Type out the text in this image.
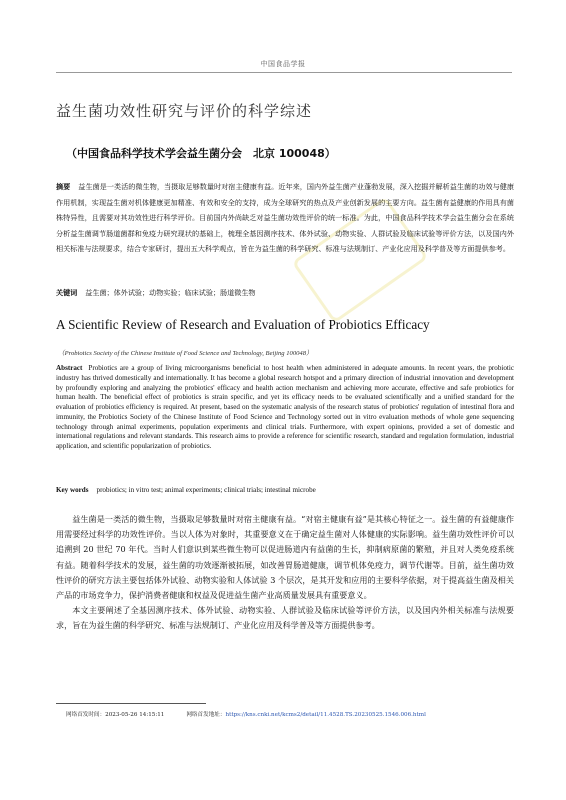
中国食品学报
益生菌功效性研究与评价的科学综述
（中国食品科学技术学会益生菌分会　北京 100048）
摘要 益生菌是一类活的微生物，当摄取足够数量时对宿主健康有益。近年来，国内外益生菌产业蓬勃发展，深入挖掘并解析益生菌的功效与健康作用机制，实现益生菌对机体健康更加精准、有效和安全的支持，成为全球研究的热点及产业创新发展的主要方向。益生菌有益健康的作用具有菌株特异性，且需要对其功效性进行科学评价。目前国内外尚缺乏对益生菌功效性评价的统一标准。为此，中国食品科学技术学会益生菌分会在系统分析益生菌调节肠道菌群和免疫力研究现状的基础上，梳理全基因测序技术、体外试验、动物实验、人群试验及临床试验等评价方法，以及国内外相关标准与法规要求，结合专家研讨，提出五大科学观点，旨在为益生菌的科学研究、标准与法规制订、产业化应用及科学普及等方面提供参考。
关键词 益生菌；体外试验；动物实验；临床试验；肠道微生物
A Scientific Review of Research and Evaluation of Probiotics Efficacy
（Probiotics Society of the Chinese Institute of Food Science and Technology, Beijing 100048）
Abstract Probiotics are a group of living microorganisms beneficial to host health when administered in adequate amounts. In recent years, the probiotic industry has thrived domestically and internationally. It has become a global research hotspot and a primary direction of industrial innovation and development by profoundly exploring and analyzing the probiotics' efficacy and health action mechanism and achieving more accurate, effective and safe probiotics for human health. The beneficial effect of probiotics is strain specific, and yet its efficacy needs to be evaluated scientifically and a unified standard for the evaluation of probiotics efficiency is required. At present, based on the systematic analysis of the research status of probiotics' regulation of intestinal flora and immunity, the Probiotics Society of the Chinese Institute of Food Science and Technology sorted out in vitro evaluation methods of whole gene sequencing technology through animal experiments, population experiments and clinical trials. Furthermore, with expert opinions, provided a set of domestic and international regulations and relevant standards. This research aims to provide a reference for scientific research, standard and regulation formulation, industrial application, and scientific popularization of probiotics.
Key words probiotics; in vitro test; animal experiments; clinical trials; intestinal microbe

益生菌是一类活的微生物，当摄取足够数量时对宿主健康有益。“对宿主健康有益”是其核心特征之一。益生菌的有益健康作用需要经过科学的功效性评价。当以人体为对象时，其重要意义在于确定益生菌对人体健康的实际影响。益生菌功效性评价可以追溯到 20 世纪 70 年代。当时人们意识到某些微生物可以促进肠道内有益菌的生长，抑制病原菌的繁殖，并且对人类免疫系统有益。随着科学技术的发展，益生菌的功效逐渐被拓展，如改善胃肠道健康，调节机体免疫力，调节代谢等。目前，益生菌功效性评价的研究方法主要包括体外试验、动物实验和人体试验 3 个层次，是其开发和应用的主要科学依据，对于提高益生菌及相关产品的市场竞争力，保护消费者健康和权益及促进益生菌产业高质量发展具有重要意义。

本文主要阐述了全基因测序技术、体外试验、动物实验、人群试验及临床试验等评价方法，以及国内外相关标准与法规要求，旨在为益生菌的科学研究、标准与法规制订、产业化应用及科学普及等方面提供参考。

网络首发时间：2023-05-26 14:15:11	网络首发地址：https://kns.cnki.net/kcms2/detail/11.4528.TS.20230525.1546.006.html
